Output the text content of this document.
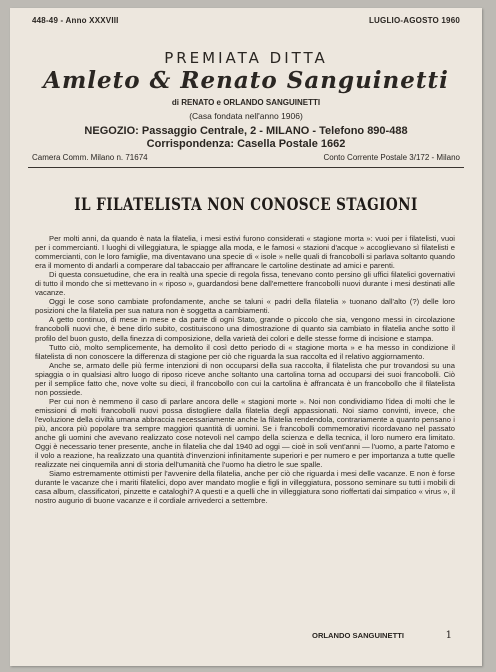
448-49 - Anno XXXVIII	LUGLIO-AGOSTO 1960
PREMIATA DITTA
Amleto & Renato Sanguinetti
di RENATO e ORLANDO SANGUINETTI
(Casa fondata nell'anno 1906)
NEGOZIO: Passaggio Centrale, 2 - MILANO - Telefono 890-488
Corrispondenza: Casella Postale 1662
Camera Comm. Milano n. 71674	Conto Corrente Postale 3/172 - Milano
IL FILATELISTA NON CONOSCE STAGIONI

Per molti anni, da quando è nata la filatelia, i mesi estivi furono considerati « stagione morta »: vuoi per i filatelisti, vuoi per i commercianti. I luoghi di villeggiatura, le spiagge alla moda, e le famosi « stazioni d'acque » accoglievano sì filatelisti e commercianti, con le loro famiglie, ma diventavano una specie di « isole » nelle quali di francobolli si parlava soltanto quando era il momento di andarli a comperare dal tabaccaio per affrancare le cartoline destinate ad amici e parenti.

Di questa consuetudine, che era in realtà una specie di regola fissa, tenevano conto persino gli uffici filatelici governativi di tutto il mondo che si mettevano in « riposo », guardandosi bene dall'emettere francobolli nuovi durante i mesi destinati alle vacanze.

Oggi le cose sono cambiate profondamente, anche se taluni « padri della filatelia » tuonano dall'alto (?) delle loro posizioni che la filatelia per sua natura non è soggetta a cambiamenti.

A getto continuo, di mese in mese e da parte di ogni Stato, grande o piccolo che sia, vengono messi in circolazione francobolli nuovi che, è bene dirlo subito, costituiscono una dimostrazione di quanto sia cambiato in filatelia anche sotto il profilo del buon gusto, della finezza di composizione, della varietà dei colori e delle stesse forme di incisione e stampa.

Tutto ciò, molto semplicemente, ha demolito il così detto periodo di « stagione morta » e ha messo in condizione il filatelista di non conoscere la differenza di stagione per ciò che riguarda la sua raccolta ed il relativo aggiornamento.

Anche se, armato delle più ferme intenzioni di non occuparsi della sua raccolta, il filatelista che pur trovandosi su una spiaggia o in qualsiasi altro luogo di riposo riceve anche soltanto una cartolina torna ad occuparsi dei suoi francobolli. Ciò per il semplice fatto che, nove volte su dieci, il francobollo con cui la cartolina è affrancata è un francobollo che il filatelista non possiede.

Per cui non è nemmeno il caso di parlare ancora delle « stagioni morte ». Noi non condividiamo l'idea di molti che le emissioni di molti francobolli nuovi possa distogliere dalla filatelia degli appassionati. Noi siamo convinti, invece, che l'evoluzione della civiltà umana abbraccia necessariamente anche la filatelia rendendola, contrariamente a quanto pensano i più, ancora più popolare tra sempre maggiori quantità di uomini. Se i francobolli commemorativi ricordavano nel passato anche gli uomini che avevano realizzato cose notevoli nel campo della scienza e della tecnica, il loro numero era limitato. Oggi è necessario tener presente, anche in filatelia che dal 1940 ad oggi — cioè in soli vent'anni — l'uomo, a parte l'atomo e il volo a reazione, ha realizzato una quantità d'invenzioni infinitamente superiori e per numero e per importanza a tutte quelle realizzate nei cinquemila anni di storia dell'umanità che l'uomo ha dietro le sue spalle.

Siamo estremamente ottimisti per l'avvenire della filatelia, anche per ciò che riguarda i mesi delle vacanze. E non è forse durante le vacanze che i mariti filatelici, dopo aver mandato moglie e figli in villeggiatura, possono seminare su tutti i mobili di casa album, classificatori, pinzette e cataloghi? A questi e a quelli che in villeggiatura sono rioffertati dai simpatico « virus », il nostro augurio di buone vacanze e il cordiale arrivederci a settembre.

ORLANDO SANGUINETTI	1
